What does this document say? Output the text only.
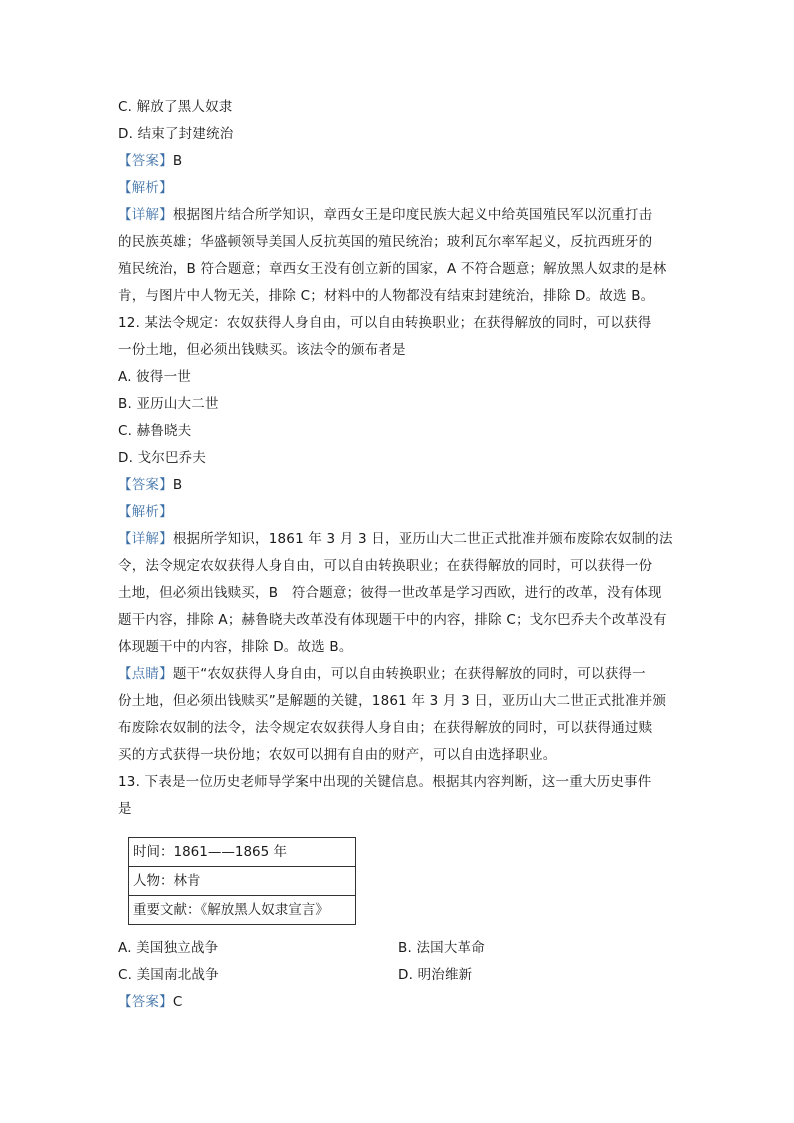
C. 解放了黑人奴隶
D. 结束了封建统治
【答案】B
【解析】
【详解】根据图片结合所学知识，章西女王是印度民族大起义中给英国殖民军以沉重打击
的民族英雄；华盛顿领导美国人反抗英国的殖民统治；玻利瓦尔率军起义，反抗西班牙的
殖民统治，B 符合题意；章西女王没有创立新的国家，A 不符合题意；解放黑人奴隶的是林
肯，与图片中人物无关，排除 C；材料中的人物都没有结束封建统治，排除 D。故选 B。
12. 某法令规定：农奴获得人身自由，可以自由转换职业；在获得解放的同时，可以获得
一份土地，但必须出钱赎买。该法令的颁布者是
A. 彼得一世
B. 亚历山大二世
C. 赫鲁晓夫
D. 戈尔巴乔夫
【答案】B
【解析】
【详解】根据所学知识，1861 年 3 月 3 日，亚历山大二世正式批准并颁布废除农奴制的法
令，法令规定农奴获得人身自由，可以自由转换职业；在获得解放的同时，可以获得一份
土地，但必须出钱赎买，B　符合题意；彼得一世改革是学习西欧，进行的改革，没有体现
题干内容，排除 A；赫鲁晓夫改革没有体现题干中的内容，排除 C；戈尔巴乔夫个改革没有
体现题干中的内容，排除 D。故选 B。
【点睛】题干“农奴获得人身自由，可以自由转换职业；在获得解放的同时，可以获得一
份土地，但必须出钱赎买”是解题的关键，1861 年 3 月 3 日，亚历山大二世正式批准并颁
布废除农奴制的法令，法令规定农奴获得人身自由；在获得解放的同时，可以获得通过赎
买的方式获得一块份地；农奴可以拥有自由的财产，可以自由选择职业。
13. 下表是一位历史老师导学案中出现的关键信息。根据其内容判断，这一重大历史事件
是
时间：1861——1865 年
人物：林肯
重要文献：《解放黑人奴隶宣言》
A. 美国独立战争	B. 法国大革命
C. 美国南北战争	D. 明治维新
【答案】C
